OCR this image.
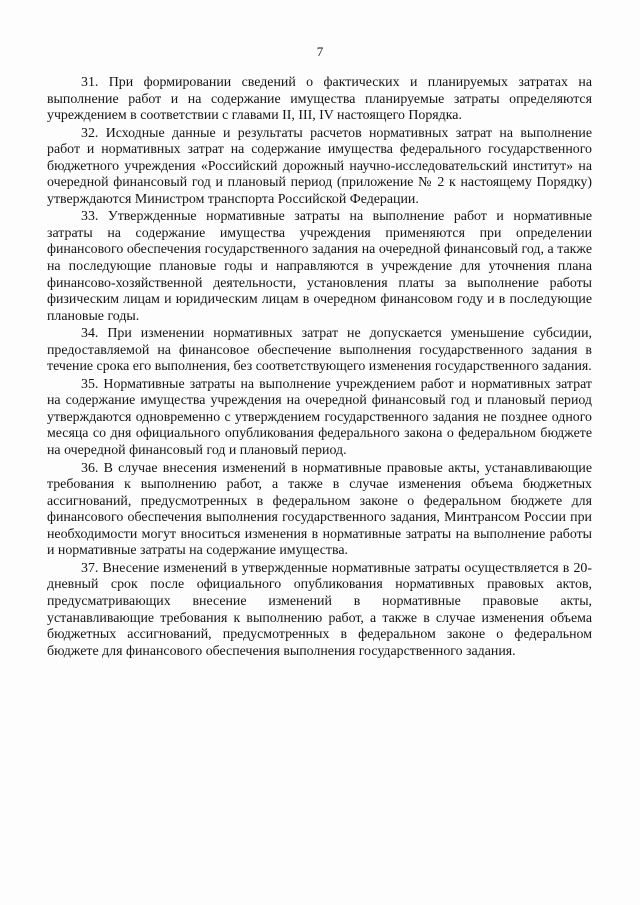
7

31. При формировании сведений о фактических и планируемых затратах на выполнение работ и на содержание имущества планируемые затраты определяются учреждением в соответствии с главами II, III, IV настоящего Порядка.

32. Исходные данные и результаты расчетов нормативных затрат на выполнение работ и нормативных затрат на содержание имущества федерального государственного бюджетного учреждения «Российский дорожный научно-исследовательский институт» на очередной финансовый год и плановый период (приложение № 2 к настоящему Порядку) утверждаются Министром транспорта Российской Федерации.

33. Утвержденные нормативные затраты на выполнение работ и нормативные затраты на содержание имущества учреждения применяются при определении финансового обеспечения государственного задания на очередной финансовый год, а также на последующие плановые годы и направляются в учреждение для уточнения плана финансово-хозяйственной деятельности, установления платы за выполнение работы физическим лицам и юридическим лицам в очередном финансовом году и в последующие плановые годы.

34. При изменении нормативных затрат не допускается уменьшение субсидии, предоставляемой на финансовое обеспечение выполнения государственного задания в течение срока его выполнения, без соответствующего изменения государственного задания.

35. Нормативные затраты на выполнение учреждением работ и нормативных затрат на содержание имущества учреждения на очередной финансовый год и плановый период утверждаются одновременно с утверждением государственного задания не позднее одного месяца со дня официального опубликования федерального закона о федеральном бюджете на очередной финансовый год и плановый период.

36. В случае внесения изменений в нормативные правовые акты, устанавливающие требования к выполнению работ, а также в случае изменения объема бюджетных ассигнований, предусмотренных в федеральном законе о федеральном бюджете для финансового обеспечения выполнения государственного задания, Минтрансом России при необходимости могут вноситься изменения в нормативные затраты на выполнение работы и нормативные затраты на содержание имущества.

37. Внесение изменений в утвержденные нормативные затраты осуществляется в 20-дневный срок после официального опубликования нормативных правовых актов, предусматривающих внесение изменений в нормативные правовые акты, устанавливающие требования к выполнению работ, а также в случае изменения объема бюджетных ассигнований, предусмотренных в федеральном законе о федеральном бюджете для финансового обеспечения выполнения государственного задания.
